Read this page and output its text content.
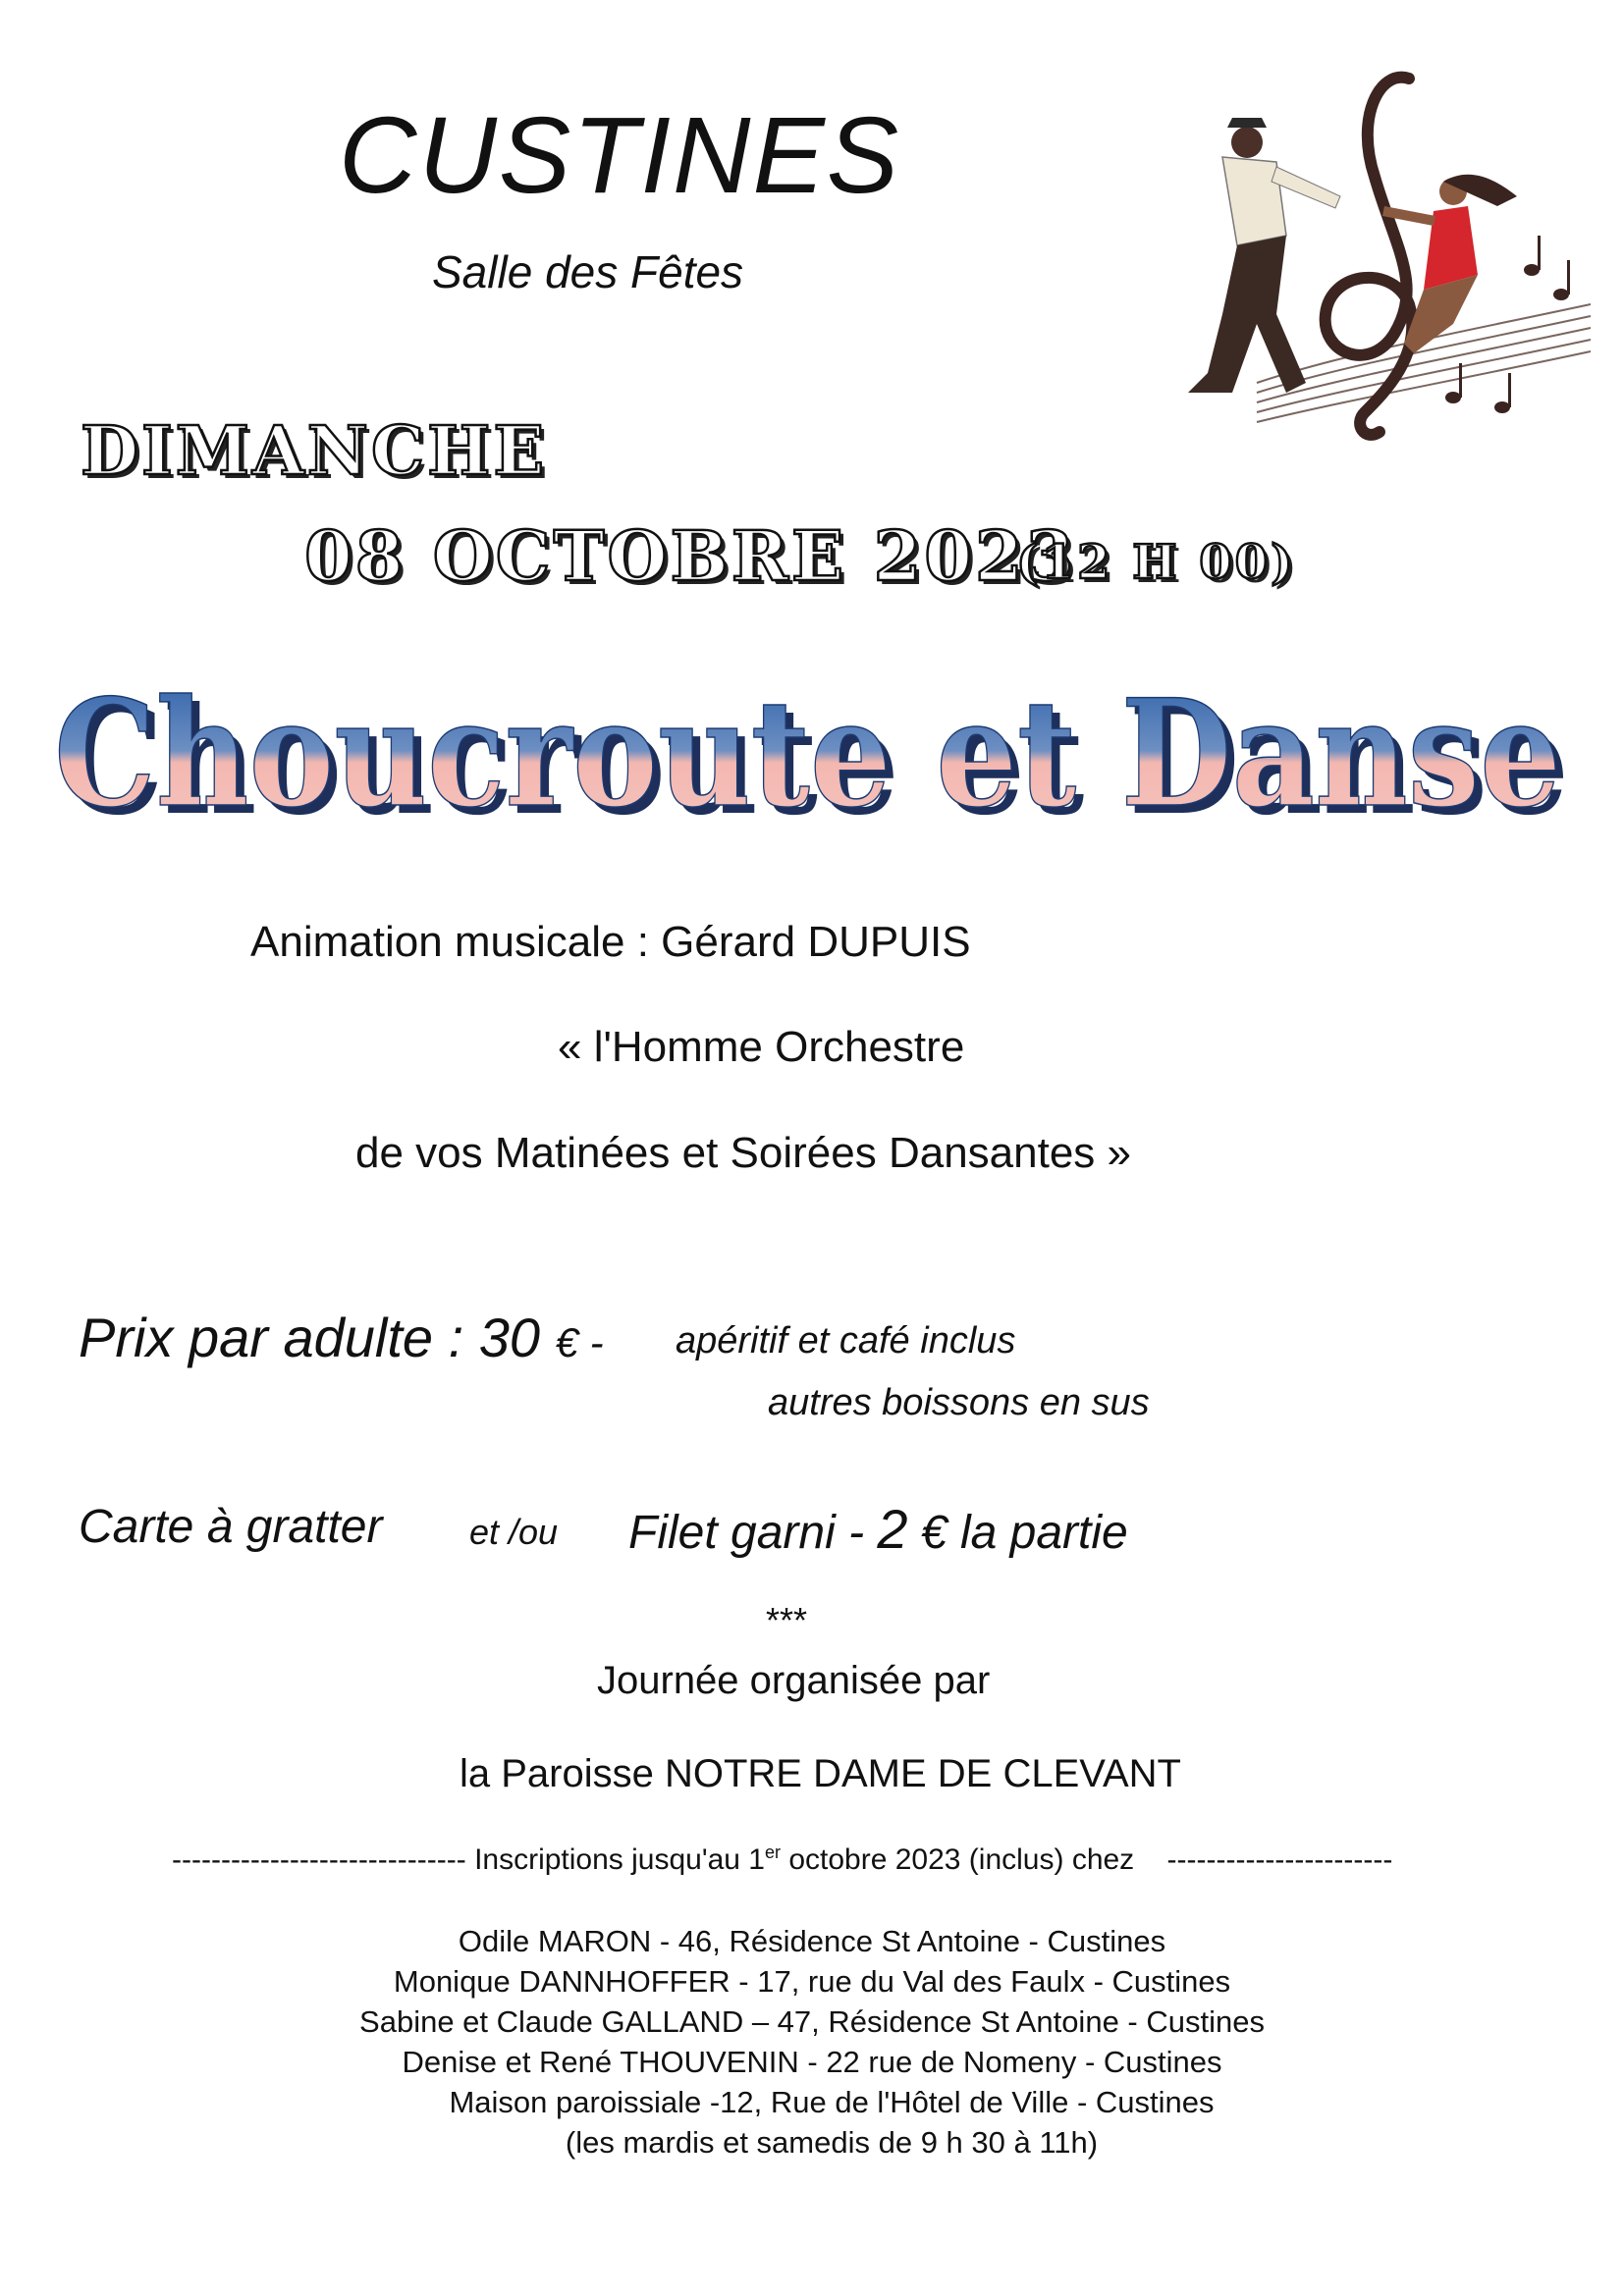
CUSTINES
Salle des Fêtes
DIMANCHE
08 OCTOBRE 2023
(12 H 00)
Choucroute et Danse
Choucroute et Danse
Animation musicale : Gérard DUPUIS
« l'Homme Orchestre
de vos Matinées et Soirées Dansantes »
Prix par adulte : 30 € - apéritif et café inclus
autres boissons en sus
Carte à gratter et /ou Filet garni - 2 € la partie
***
Journée organisée par
la Paroisse NOTRE DAME DE CLEVANT
------------------------------ Inscriptions jusqu'au 1er octobre 2023 (inclus) chez -----------------------
Odile MARON - 46, Résidence St Antoine - Custines
Monique DANNHOFFER - 17, rue du Val des Faulx - Custines
Sabine et Claude GALLAND – 47, Résidence St Antoine - Custines
Denise et René THOUVENIN - 22 rue de Nomeny - Custines
Maison paroissiale -12, Rue de l'Hôtel de Ville - Custines
(les mardis et samedis de 9 h 30 à 11h)
